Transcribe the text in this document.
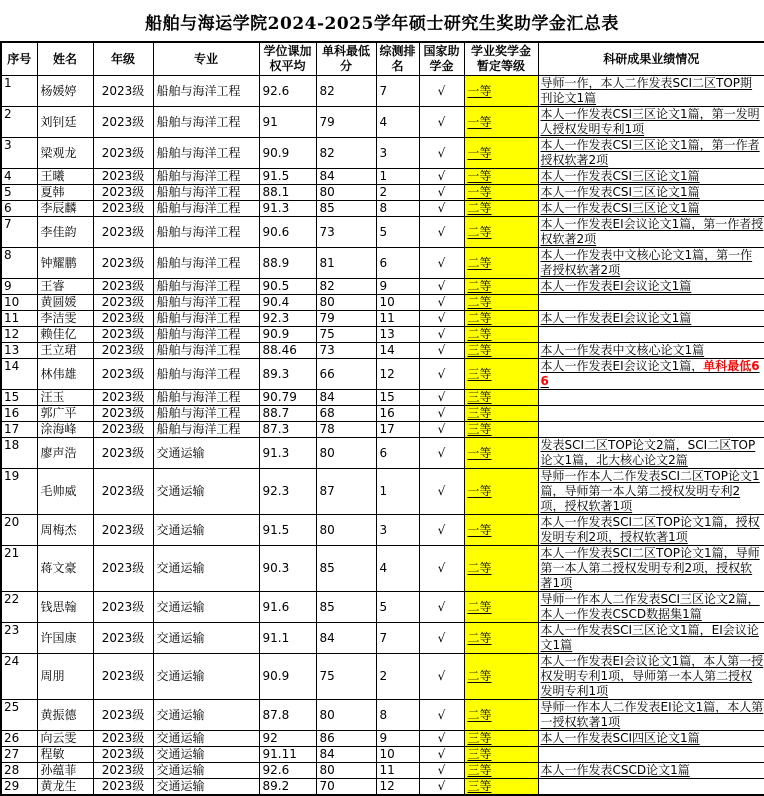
船舶与海运学院2024-2025学年硕士研究生奖助学金汇总表
序号	姓名	年级	专业	学位课加权平均	单科最低分	综测排名	国家助学金	学业奖学金暂定等级	科研成果业绩情况
1	杨媛婷	2023级	船舶与海洋工程	92.6	82	7	√	一等	导师一作，本人二作发表SCI二区TOP期刊论文1篇
2	刘钊廷	2023级	船舶与海洋工程	91	79	4	√	一等	本人一作发表CSI三区论文1篇，第一发明人授权发明专利1项
3	梁观龙	2023级	船舶与海洋工程	90.9	82	3	√	一等	本人一作发表CSI三区论文1篇，第一作者授权软著2项
4	王曦	2023级	船舶与海洋工程	91.5	84	1	√	一等	本人一作发表CSI三区论文1篇
5	夏韩	2023级	船舶与海洋工程	88.1	80	2	√	一等	本人一作发表CSI三区论文1篇
6	李辰麟	2023级	船舶与海洋工程	91.3	85	8	√	二等	本人一作发表CSI三区论文1篇
7	李佳韵	2023级	船舶与海洋工程	90.6	73	5	√	二等	本人一作发表EI会议论文1篇，第一作者授权软著2项
8	钟耀鹏	2023级	船舶与海洋工程	88.9	81	6	√	二等	本人一作发表中文核心论文1篇，第一作者授权软著2项
9	王睿	2023级	船舶与海洋工程	90.5	82	9	√	二等	本人一作发表EI会议论文1篇
10	黄圆媛	2023级	船舶与海洋工程	90.4	80	10	√	二等	
11	李洁雯	2023级	船舶与海洋工程	92.3	79	11	√	二等	本人一作发表EI会议论文1篇
12	赖佳亿	2023级	船舶与海洋工程	90.9	75	13	√	二等	
13	王立珺	2023级	船舶与海洋工程	88.46	73	14	√	三等	本人一作发表中文核心论文1篇
14	林伟雄	2023级	船舶与海洋工程	89.3	66	12	√	三等	本人一作发表EI会议论文1篇，单科最低66
15	汪玉	2023级	船舶与海洋工程	90.79	84	15	√	三等	
16	郭广平	2023级	船舶与海洋工程	88.7	68	16	√	三等	
17	涂海峰	2023级	船舶与海洋工程	87.3	78	17	√	三等	
18	廖声浩	2023级	交通运输	91.3	80	6	√	一等	发表SCI二区TOP论文2篇，SCI二区TOP论文1篇，北大核心论文2篇
19	毛帅威	2023级	交通运输	92.3	87	1	√	一等	导师一作本人二作发表SCI二区TOP论文1篇，导师第一本人第二授权发明专利2项，授权软著1项
20	周梅杰	2023级	交通运输	91.5	80	3	√	一等	本人一作发表SCI二区TOP论文1篇，授权发明专利2项，授权软著1项
21	蒋文豪	2023级	交通运输	90.3	85	4	√	二等	本人一作发表SCI二区TOP论文1篇，导师第一本人第二授权发明专利2项，授权软著1项
22	钱思翰	2023级	交通运输	91.6	85	5	√	二等	导师一作本人二作发表SCI三区论文2篇，本人一作发表CSCD数据集1篇
23	许国康	2023级	交通运输	91.1	84	7	√	二等	本人一作发表SCI三区论文1篇，EI会议论文1篇
24	周朋	2023级	交通运输	90.9	75	2	√	二等	本人一作发表EI会议论文1篇，本人第一授权发明专利1项，导师第一本人第二授权发明专利1项
25	黄振德	2023级	交通运输	87.8	80	8	√	二等	导师一作本人二作发表EI论文1篇，本人第一授权软著1项
26	向云雯	2023级	交通运输	92	86	9	√	三等	本人一作发表SCI四区论文1篇
27	程敏	2023级	交通运输	91.11	84	10	√	三等	
28	孙蕴菲	2023级	交通运输	92.6	80	11	√	三等	本人一作发表CSCD论文1篇
29	黄龙生	2023级	交通运输	89.2	70	12	√	三等	
